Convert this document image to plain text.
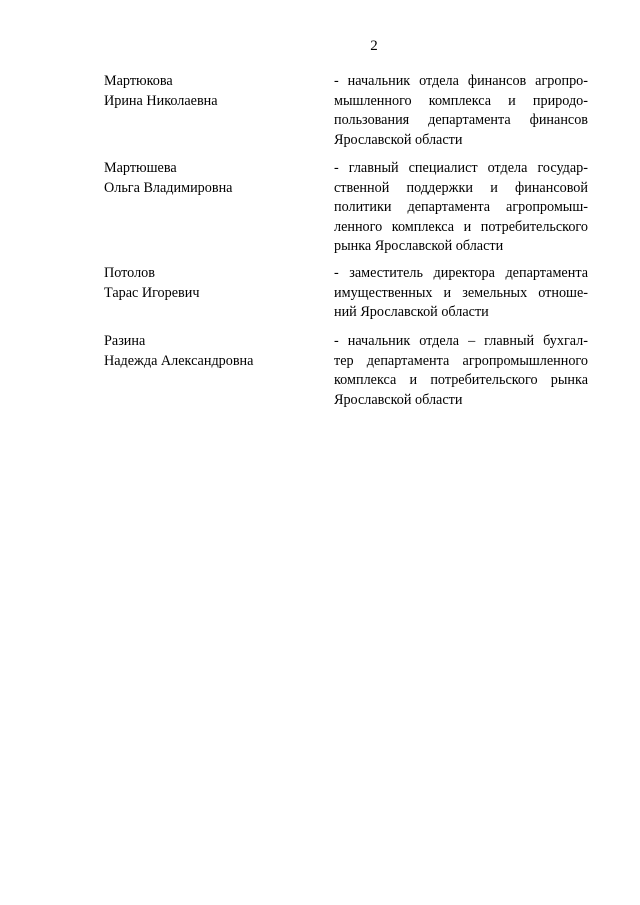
2
Мартюкова
Ирина Николаевна
- начальник отдела финансов агропро-
мышленного комплекса и природо-
пользования департамента финансов
Ярославской области
Мартюшева
Ольга Владимировна
- главный специалист отдела государ-
ственной поддержки и финансовой
политики департамента агропромыш-
ленного комплекса и потребительского
рынка Ярославской области
Потолов
Тарас Игоревич
- заместитель директора департамента
имущественных и земельных отноше-
ний Ярославской области
Разина
Надежда Александровна
- начальник отдела – главный бухгал-
тер департамента агропромышленного
комплекса и потребительского рынка
Ярославской области
